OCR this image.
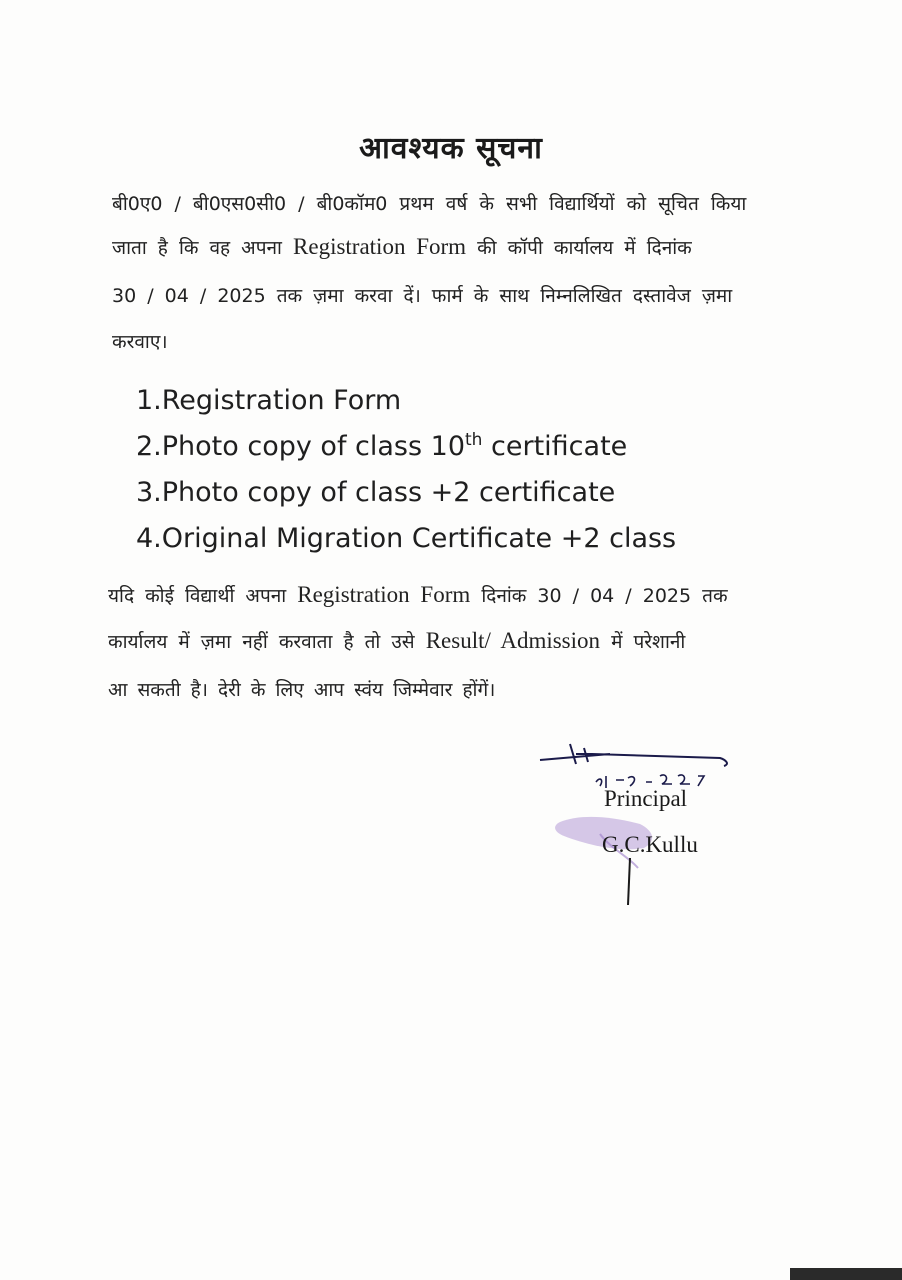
आवश्यक सूचना
बी0ए0 / बी0एस0सी0 / बी0कॉम0 प्रथम वर्ष के सभी विद्यार्थियों को सूचित किया
जाता है कि वह अपना Registration Form की कॉपी कार्यालय में दिनांक
30 / 04 / 2025 तक ज़मा करवा दें। फार्म के साथ निम्नलिखित दस्तावेज ज़मा
करवाए।
1.Registration Form
2.Photo copy of class 10th certificate
3.Photo copy of class +2 certificate
4.Original Migration Certificate +2 class
यदि कोई विद्यार्थी अपना Registration Form दिनांक 30 / 04 / 2025 तक
कार्यालय में ज़मा नहीं करवाता है तो उसे Result/ Admission में परेशानी
आ सकती है। देरी के लिए आप स्वंय जिम्मेवार होंगें।
21-05-2025
Principal
G.C.Kullu
